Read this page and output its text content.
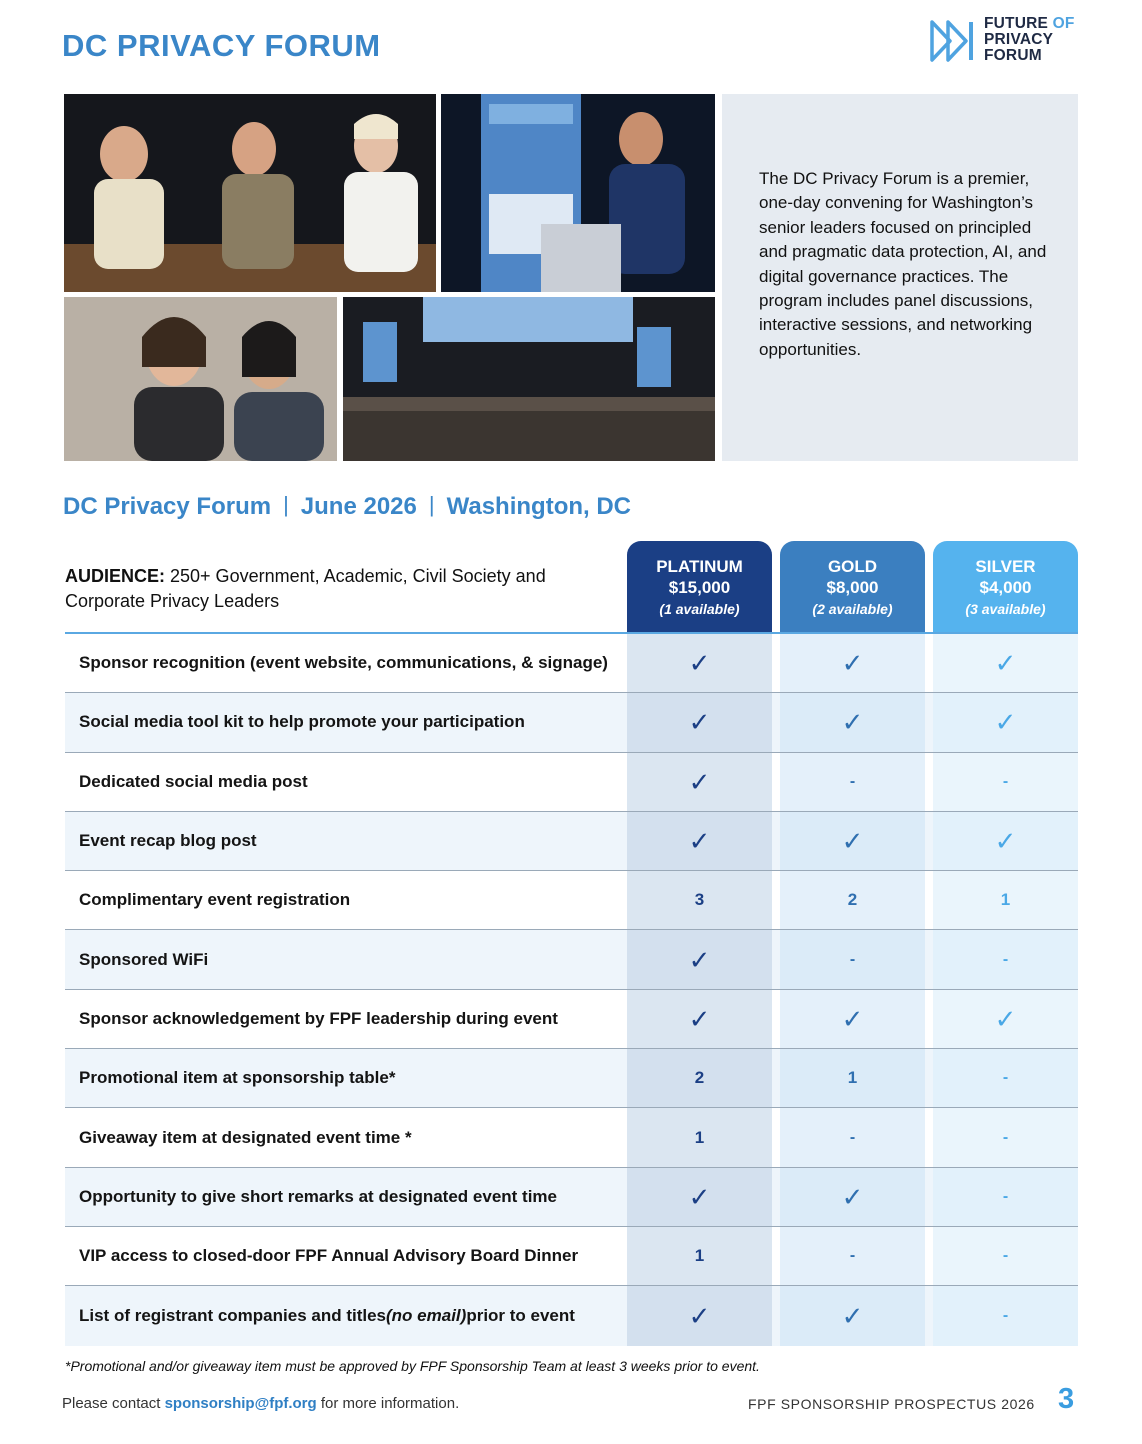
DC PRIVACY FORUM
FUTURE OF
PRIVACY
FORUM

The DC Privacy Forum is a premier, one-day convening for Washington’s senior leaders focused on principled and pragmatic data protection, AI, and digital governance practices. The program includes panel discussions, interactive sessions, and networking opportunities.

DC Privacy Forum | June 2026 | Washington, DC
AUDIENCE: 250+ Government, Academic, Civil Society and Corporate Privacy Leaders
PLATINUM
$15,000
(1 available)
GOLD
$8,000
(2 available)
SILVER
$4,000
(3 available)
Sponsor recognition (event website, communications, & signage)	✓	✓	✓
Social media tool kit to help promote your participation	✓	✓	✓
Dedicated social media post	✓	-	-
Event recap blog post	✓	✓	✓
Complimentary event registration	3	2	1
Sponsored WiFi	✓	-	-
Sponsor acknowledgement by FPF leadership during event	✓	✓	✓
Promotional item at sponsorship table*	2	1	-
Giveaway item at designated event time *	1	-	-
Opportunity to give short remarks at designated event time	✓	✓	-
VIP access to closed-door FPF Annual Advisory Board Dinner	1	-	-
List of registrant companies and titles (no email) prior to event	✓	✓	-
*Promotional and/or giveaway item must be approved by FPF Sponsorship Team at least 3 weeks prior to event.
Please contact sponsorship@fpf.org for more information.	FPF SPONSORSHIP PROSPECTUS 2026 3
